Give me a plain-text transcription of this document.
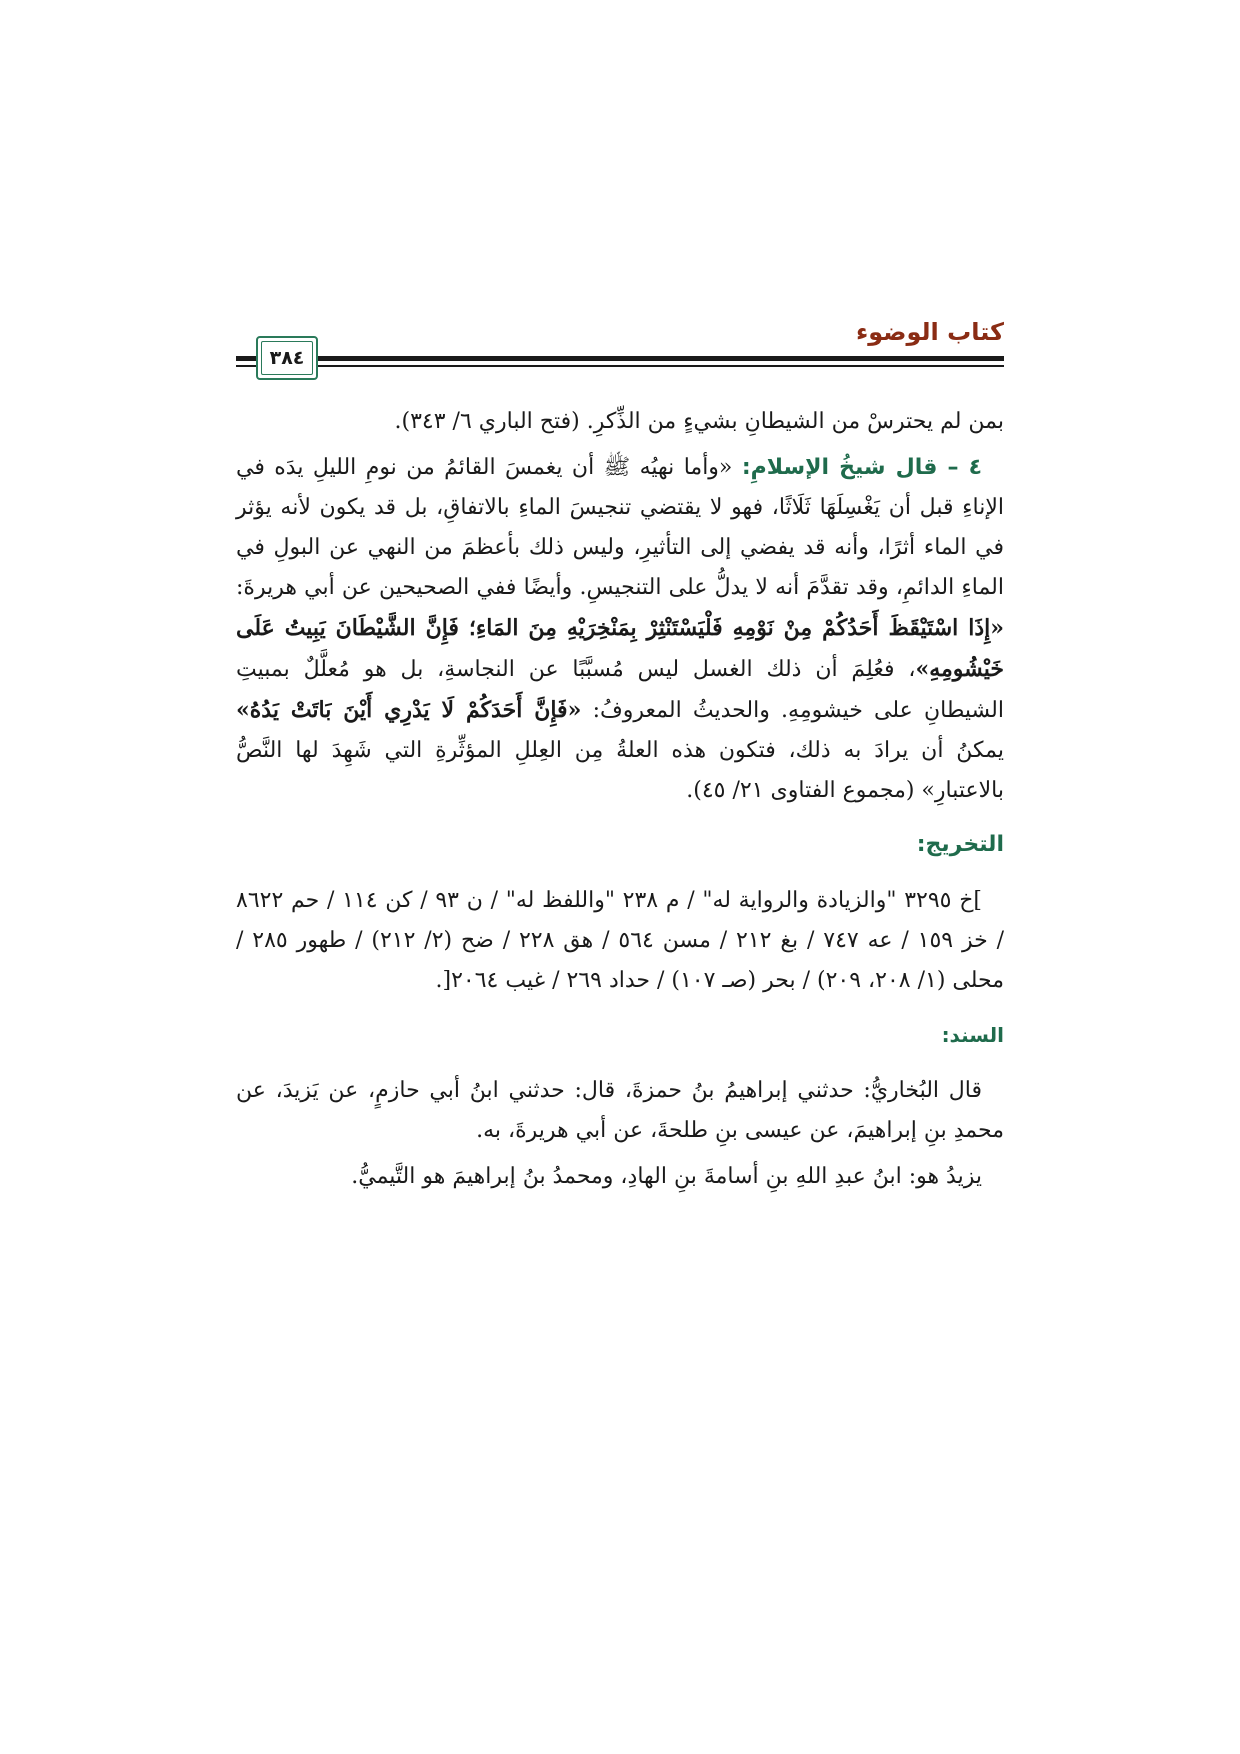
كتاب الوضوء
٣٨٤

بمن لم يحترسْ من الشيطانِ بشيءٍ من الذِّكرِ. (فتح الباري ٦/ ٣٤٣).

٤ – قال شيخُ الإسلامِ: «وأما نهيُه ﷺ أن يغمسَ القائمُ من نومِ الليلِ يدَه في الإناءِ قبل أن يَغْسِلَهَا ثَلَاثًا، فهو لا يقتضي تنجيسَ الماءِ بالاتفاقِ، بل قد يكون لأنه يؤثر في الماء أثرًا، وأنه قد يفضي إلى التأثيرِ، وليس ذلك بأعظمَ من النهي عن البولِ في الماءِ الدائمِ، وقد تقدَّمَ أنه لا يدلُّ على التنجيسِ. وأيضًا ففي الصحيحين عن أبي هريرةَ: «إِذَا اسْتَيْقَظَ أَحَدُكُمْ مِنْ نَوْمِهِ فَلْيَسْتَنْثِرْ بِمَنْخِرَيْهِ مِنَ المَاءِ؛ فَإِنَّ الشَّيْطَانَ يَبِيتُ عَلَى خَيْشُومِهِ»، فعُلِمَ أن ذلك الغسل ليس مُسبَّبًا عن النجاسةِ، بل هو مُعلَّلٌ بمبيتِ الشيطانِ على خيشومِهِ. والحديثُ المعروفُ: «فَإِنَّ أَحَدَكُمْ لَا يَدْرِي أَيْنَ بَاتَتْ يَدُهُ» يمكنُ أن يرادَ به ذلك، فتكون هذه العلةُ مِن العِللِ المؤثِّرةِ التي شَهِدَ لها النَّصُّ بالاعتبارِ» (مجموع الفتاوى ٢١/ ٤٥).

التخريج:

]خ ٣٢٩٥ "والزيادة والرواية له" / م ٢٣٨ "واللفظ له" / ن ٩٣ / كن ١١٤ / حم ٨٦٢٢ / خز ١٥٩ / عه ٧٤٧ / بغ ٢١٢ / مسن ٥٦٤ / هق ٢٢٨ / ضح (٢/ ٢١٢) / طهور ٢٨٥ / محلى (١/ ٢٠٨، ٢٠٩) / بحر (صـ ١٠٧) / حداد ٢٦٩ / غيب ٢٠٦٤[.

السند:

قال البُخاريُّ: حدثني إبراهيمُ بنُ حمزةَ، قال: حدثني ابنُ أبي حازمٍ، عن يَزيدَ، عن محمدِ بنِ إبراهيمَ، عن عيسى بنِ طلحةَ، عن أبي هريرةَ، به.

يزيدُ هو: ابنُ عبدِ اللهِ بنِ أسامةَ بنِ الهادِ، ومحمدُ بنُ إبراهيمَ هو التَّيميُّ.
